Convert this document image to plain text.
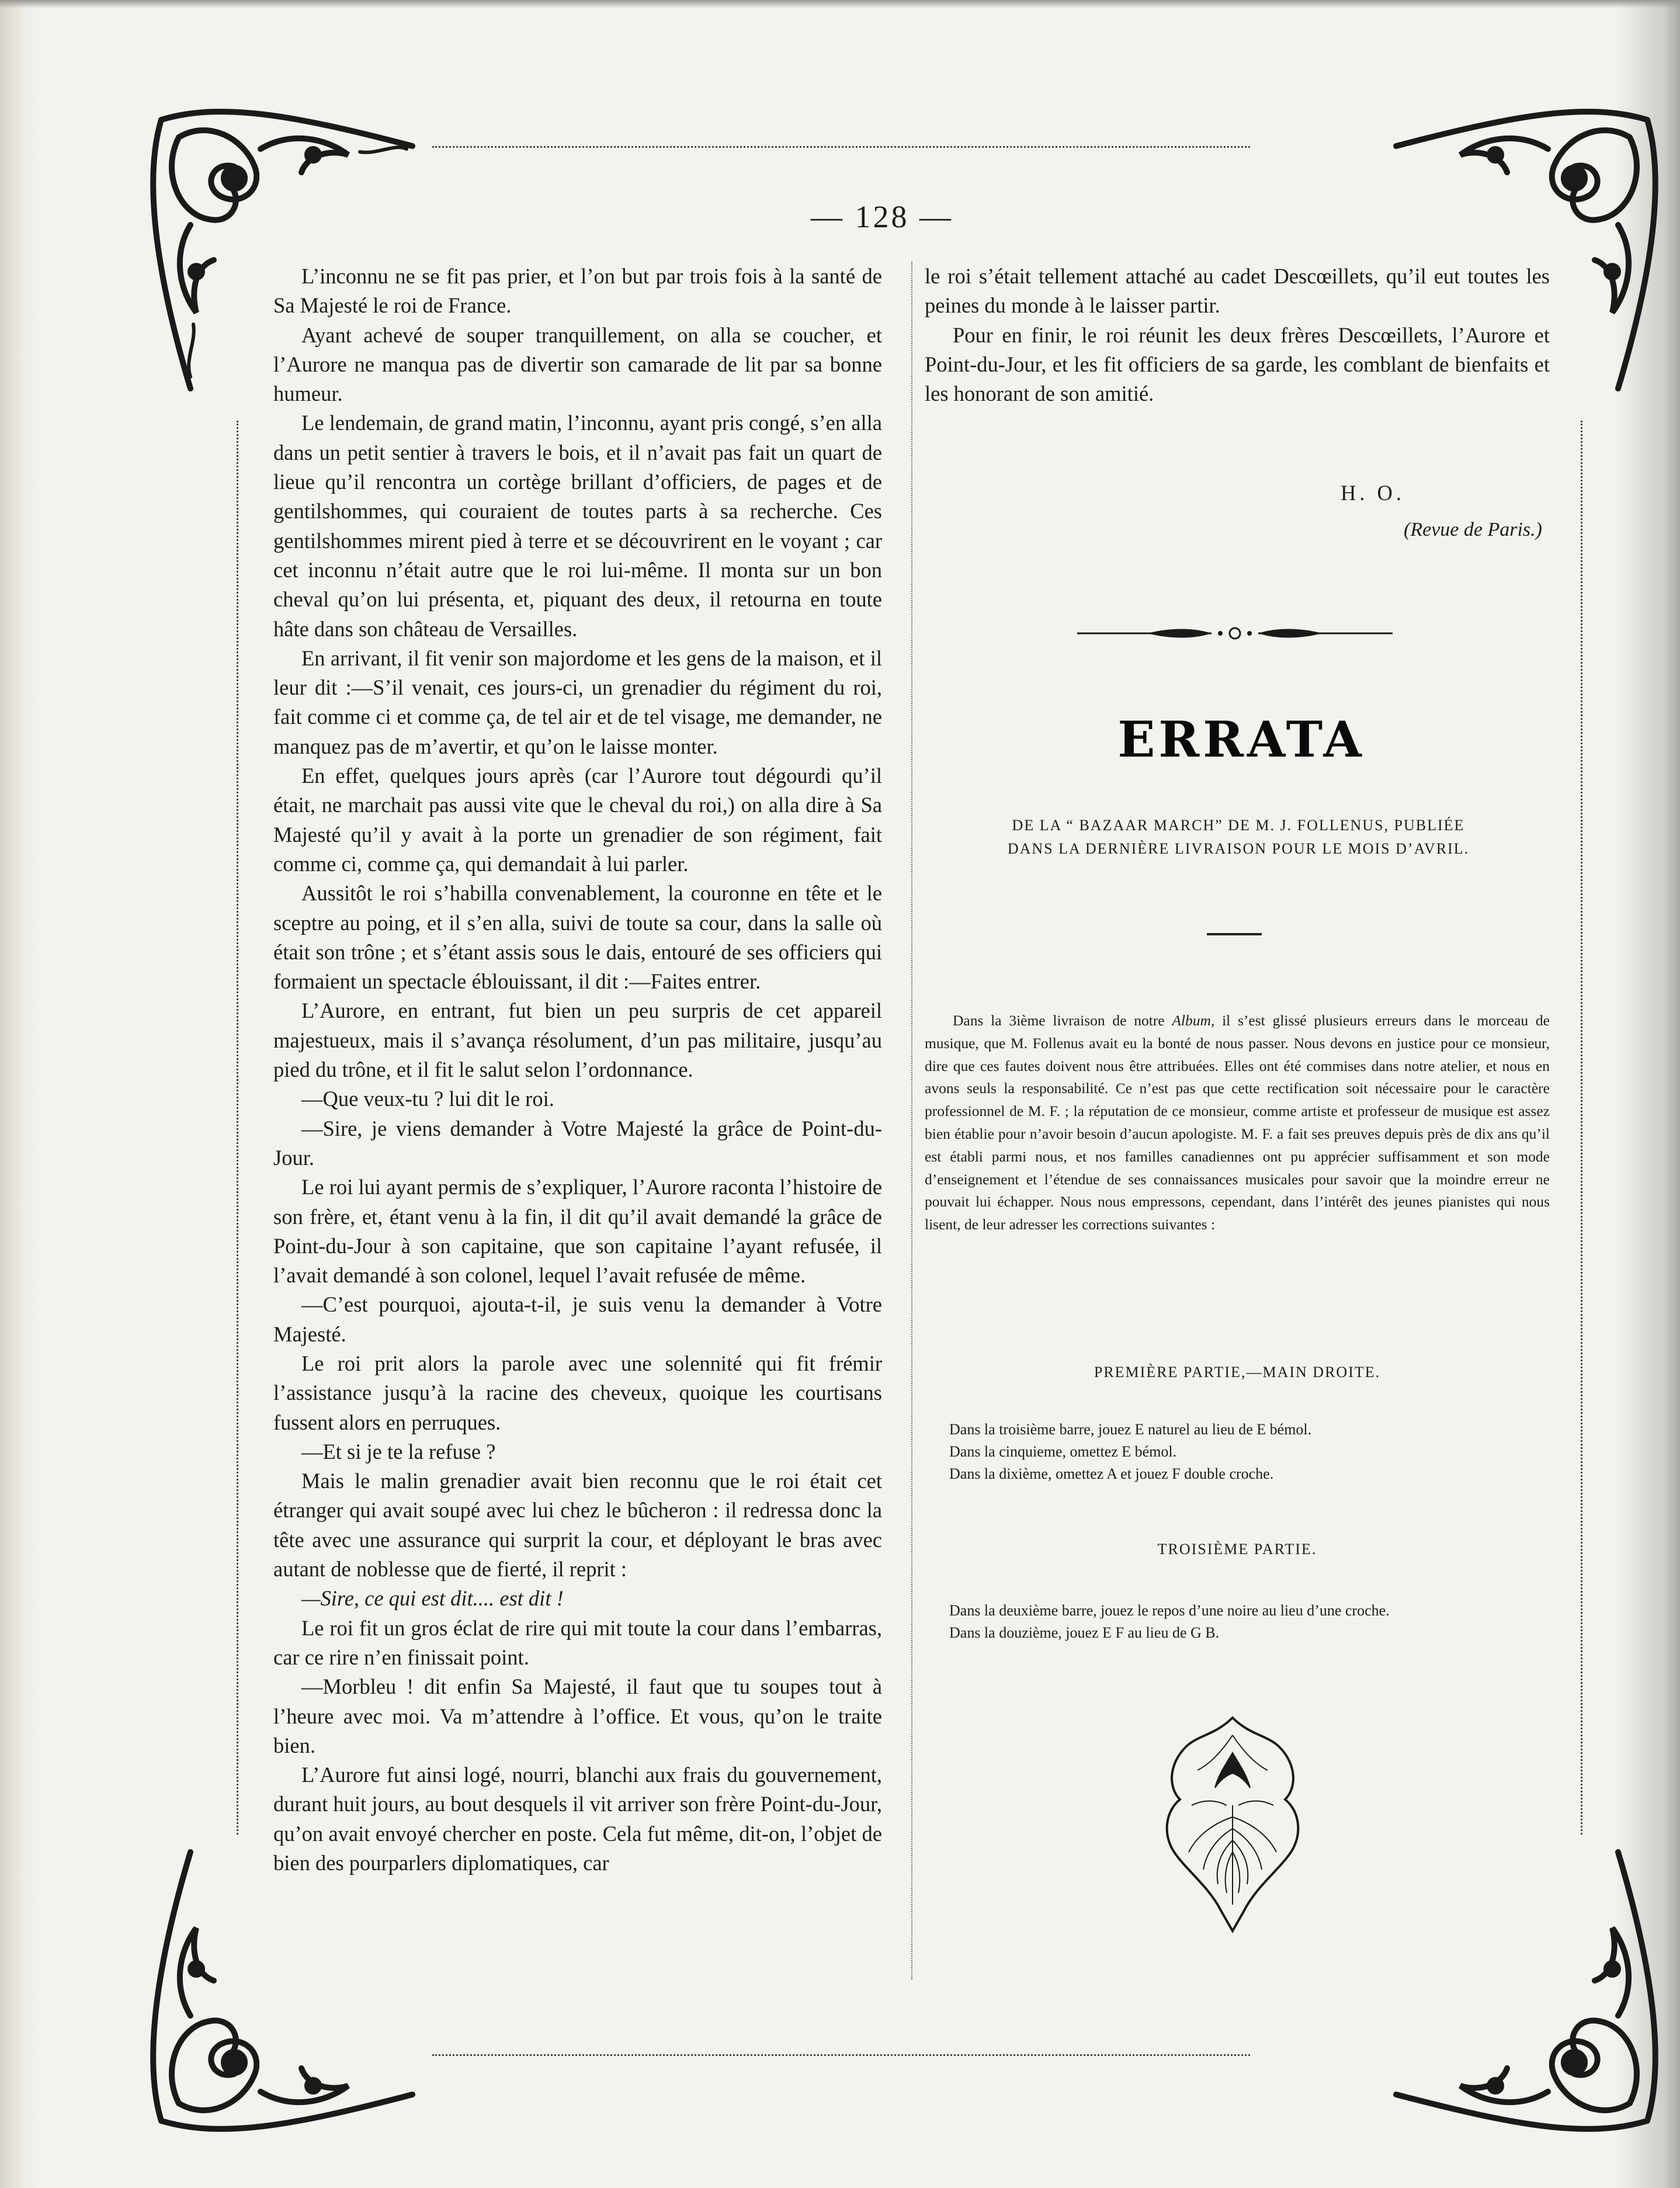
— 128 —

L’inconnu ne se fit pas prier, et l’on but par trois fois à la santé de Sa Majesté le roi de France.

Ayant achevé de souper tranquillement, on alla se coucher, et l’Aurore ne manqua pas de divertir son camarade de lit par sa bonne humeur.

Le lendemain, de grand matin, l’inconnu, ayant pris congé, s’en alla dans un petit sentier à travers le bois, et il n’avait pas fait un quart de lieue qu’il rencontra un cortège brillant d’officiers, de pages et de gentilshommes, qui couraient de toutes parts à sa recherche. Ces gentilshommes mirent pied à terre et se découvrirent en le voyant ; car cet inconnu n’était autre que le roi lui-même. Il monta sur un bon cheval qu’on lui présenta, et, piquant des deux, il retourna en toute hâte dans son château de Versailles.

En arrivant, il fit venir son majordome et les gens de la maison, et il leur dit :—S’il venait, ces jours-ci, un grenadier du régiment du roi, fait comme ci et comme ça, de tel air et de tel visage, me demander, ne manquez pas de m’avertir, et qu’on le laisse monter.

En effet, quelques jours après (car l’Aurore tout dégourdi qu’il était, ne marchait pas aussi vite que le cheval du roi,) on alla dire à Sa Majesté qu’il y avait à la porte un grenadier de son régiment, fait comme ci, comme ça, qui demandait à lui parler.

Aussitôt le roi s’habilla convenablement, la couronne en tête et le sceptre au poing, et il s’en alla, suivi de toute sa cour, dans la salle où était son trône ; et s’étant assis sous le dais, entouré de ses officiers qui formaient un spectacle éblouissant, il dit :—Faites entrer.

L’Aurore, en entrant, fut bien un peu surpris de cet appareil majestueux, mais il s’avança résolument, d’un pas militaire, jusqu’au pied du trône, et il fit le salut selon l’ordonnance.

—Que veux-tu ? lui dit le roi.

—Sire, je viens demander à Votre Majesté la grâce de Point-du-Jour.

Le roi lui ayant permis de s’expliquer, l’Aurore raconta l’histoire de son frère, et, étant venu à la fin, il dit qu’il avait demandé la grâce de Point-du-Jour à son capitaine, que son capitaine l’ayant refusée, il l’avait demandé à son colonel, lequel l’avait refusée de même.

—C’est pourquoi, ajouta-t-il, je suis venu la demander à Votre Majesté.

Le roi prit alors la parole avec une solennité qui fit frémir l’assistance jusqu’à la racine des cheveux, quoique les courtisans fussent alors en perruques.

—Et si je te la refuse ?

Mais le malin grenadier avait bien reconnu que le roi était cet étranger qui avait soupé avec lui chez le bûcheron : il redressa donc la tête avec une assurance qui surprit la cour, et déployant le bras avec autant de noblesse que de fierté, il reprit :

—Sire, ce qui est dit.... est dit !

Le roi fit un gros éclat de rire qui mit toute la cour dans l’embarras, car ce rire n’en finissait point.

—Morbleu ! dit enfin Sa Majesté, il faut que tu soupes tout à l’heure avec moi. Va m’attendre à l’office. Et vous, qu’on le traite bien.

L’Aurore fut ainsi logé, nourri, blanchi aux frais du gouvernement, durant huit jours, au bout desquels il vit arriver son frère Point-du-Jour, qu’on avait envoyé chercher en poste. Cela fut même, dit-on, l’objet de bien des pourparlers diplomatiques, car

le roi s’était tellement attaché au cadet Descœillets, qu’il eut toutes les peines du monde à le laisser partir.

Pour en finir, le roi réunit les deux frères Descœillets, l’Aurore et Point-du-Jour, et les fit officiers de sa garde, les comblant de bienfaits et les honorant de son amitié.

H. O.
(Revue de Paris.)
ERRATA
DE LA “ BAZAAR MARCH” DE M. J. FOLLENUS, PUBLIÉE
DANS LA DERNIÈRE LIVRAISON POUR LE MOIS D’AVRIL.

Dans la 3ième livraison de notre Album, il s’est glissé plusieurs erreurs dans le morceau de musique, que M. Follenus avait eu la bonté de nous passer. Nous devons en justice pour ce monsieur, dire que ces fautes doivent nous être attribuées. Elles ont été commises dans notre atelier, et nous en avons seuls la responsabilité. Ce n’est pas que cette rectification soit nécessaire pour le caractère professionnel de M. F. ; la réputation de ce monsieur, comme artiste et professeur de musique est assez bien établie pour n’avoir besoin d’aucun apologiste. M. F. a fait ses preuves depuis près de dix ans qu’il est établi parmi nous, et nos familles canadiennes ont pu apprécier suffisamment et son mode d’enseignement et l’étendue de ses connaissances musicales pour savoir que la moindre erreur ne pouvait lui échapper. Nous nous empressons, cependant, dans l’intérêt des jeunes pianistes qui nous lisent, de leur adresser les corrections suivantes :

PREMIÈRE PARTIE,—MAIN DROITE.
Dans la troisième barre, jouez E naturel au lieu de E bémol.
Dans la cinquieme, omettez E bémol.
Dans la dixième, omettez A et jouez F double croche.
TROISIÈME PARTIE.
Dans la deuxième barre, jouez le repos d’une noire au lieu d’une croche.
Dans la douzième, jouez E F au lieu de G B.
